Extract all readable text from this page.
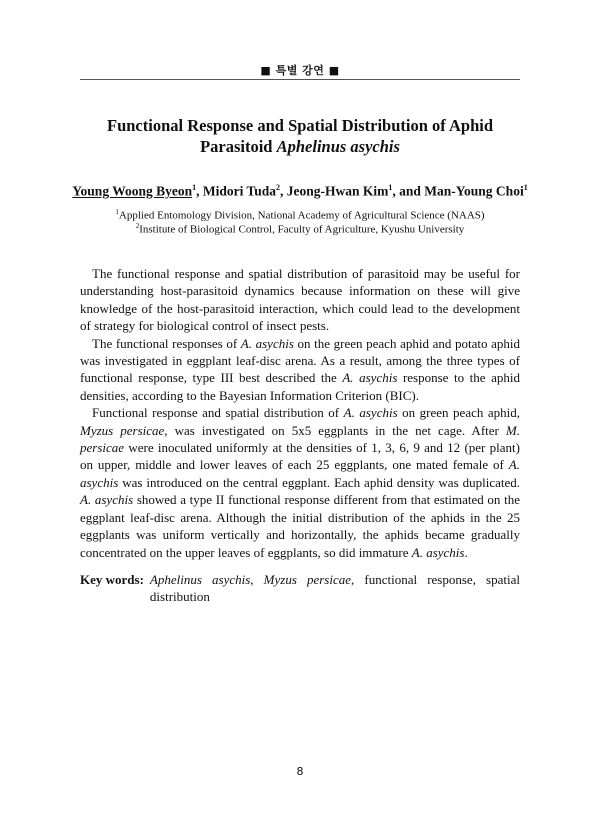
■ 특별 강연 ■
Functional Response and Spatial Distribution of Aphid
Parasitoid Aphelinus asychis
Young Woong Byeon$^1$, Midori Tuda$^2$, Jeong-Hwan Kim$^1$, and Man-Young Choi$^1$
$^1$Applied Entomology Division, National Academy of Agricultural Science (NAAS)
$^2$Institute of Biological Control, Faculty of Agriculture, Kyushu University

The functional response and spatial distribution of parasitoid may be useful for understanding host-parasitoid dynamics because information on these will give knowledge of the host-parasitoid interaction, which could lead to the development of strategy for biological control of insect pests.

The functional responses of A. asychis on the green peach aphid and potato aphid was investigated in eggplant leaf-disc arena. As a result, among the three types of functional response, type III best described the A. asychis response to the aphid densities, according to the Bayesian Information Criterion (BIC).

Functional response and spatial distribution of A. asychis on green peach aphid, Myzus persicae, was investigated on 5x5 eggplants in the net cage. After M. persicae were inoculated uniformly at the densities of 1, 3, 6, 9 and 12 (per plant) on upper, middle and lower leaves of each 25 eggplants, one mated female of A. asychis was introduced on the central eggplant. Each aphid density was duplicated. A. asychis showed a type II functional response different from that estimated on the eggplant leaf-disc arena. Although the initial distribution of the aphids in the 25 eggplants was uniform vertically and horizontally, the aphids became gradually concentrated on the upper leaves of eggplants, so did immature A. asychis.

Key words: Aphelinus asychis, Myzus persicae, functional response, spatial distribution
8
